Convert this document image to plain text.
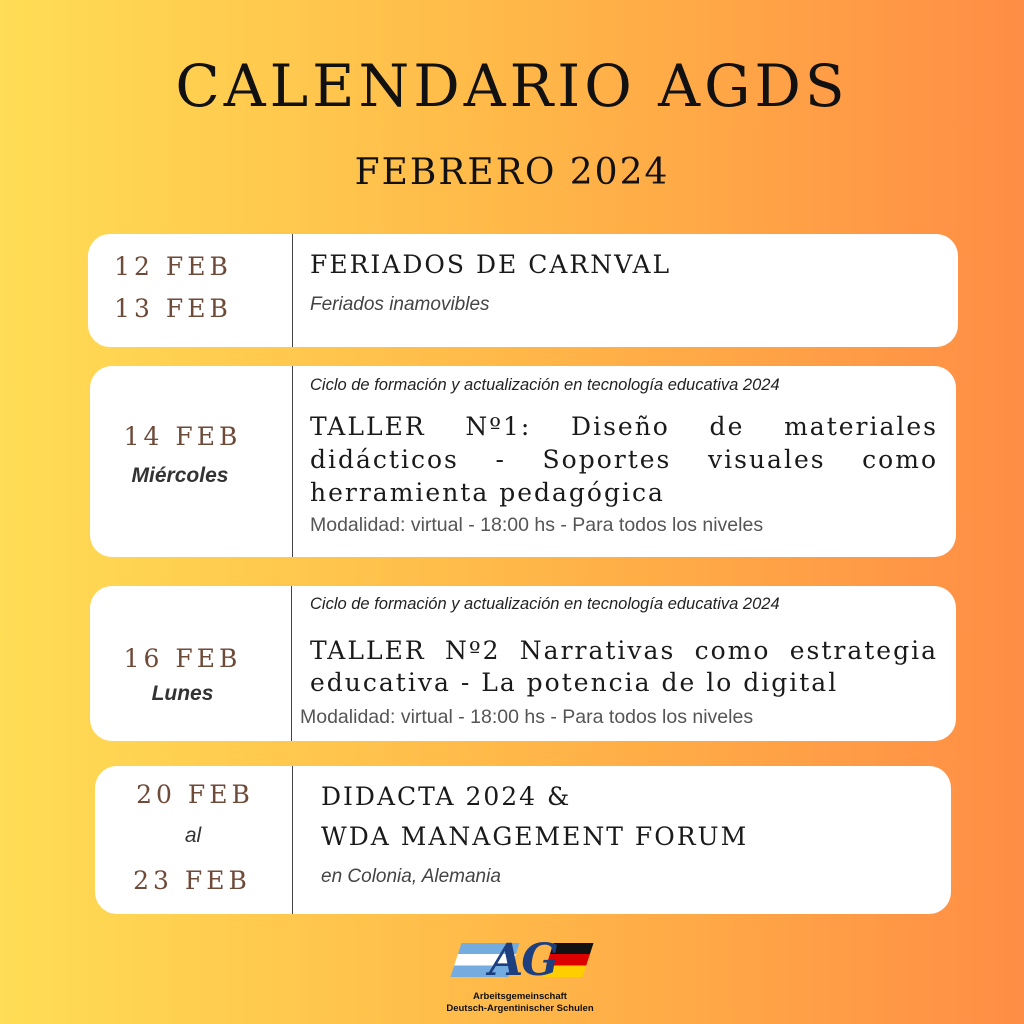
CALENDARIO AGDS
FEBRERO 2024
12 FEB
13 FEB
FERIADOS DE CARNVAL
Feriados inamovibles
14 FEB
Miércoles
Ciclo de formación y actualización en tecnología educativa 2024
TALLER Nº1: Diseño de materiales
didácticos - Soportes visuales como
herramienta pedagógica
Modalidad: virtual - 18:00 hs - Para todos los niveles
16 FEB
Lunes
Ciclo de formación y actualización en tecnología educativa 2024
TALLER Nº2 Narrativas como estrategia
educativa - La potencia de lo digital
Modalidad: virtual - 18:00 hs - Para todos los niveles
20 FEB
al
23 FEB
DIDACTA 2024 &
WDA MANAGEMENT FORUM
en Colonia, Alemania
AG
Arbeitsgemeinschaft
Deutsch-Argentinischer Schulen
